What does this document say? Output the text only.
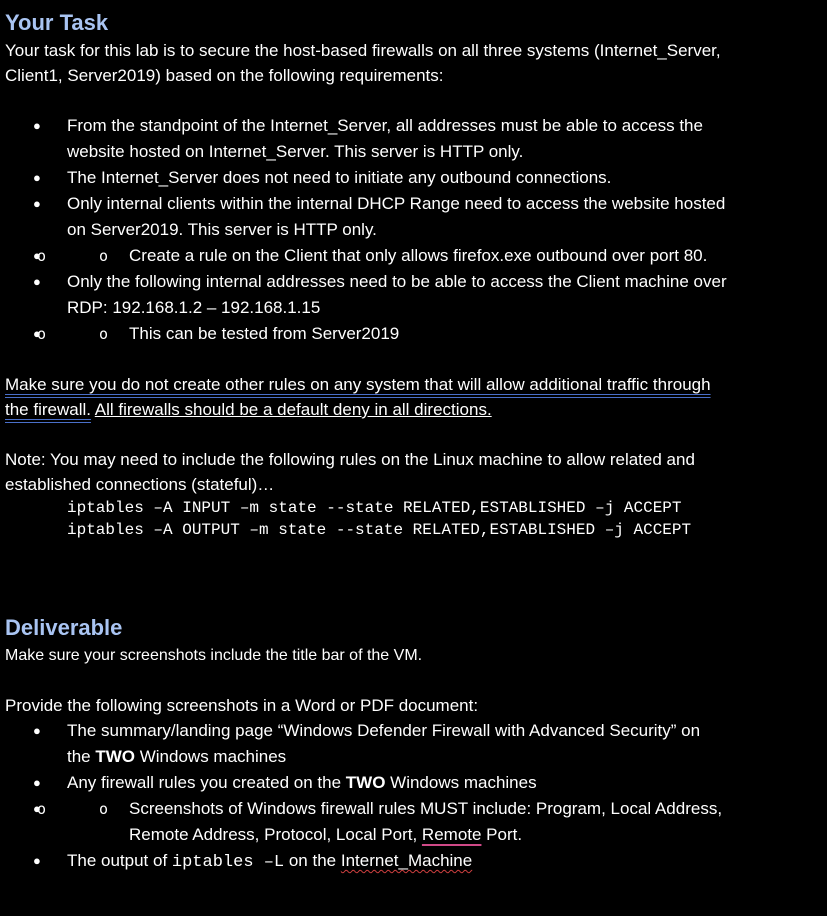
Your Task

Your task for this lab is to secure the host-based firewalls on all three systems (Internet_Server,

Client1, Server2019) based on the following requirements:

● From the standpoint of the Internet_Server, all addresses must be able to access the
website hosted on Internet_Server. This server is HTTP only.
● The Internet_Server does not need to initiate any outbound connections.
● Only internal clients within the internal DHCP Range need to access the website hosted
on Server2019. This server is HTTP only.
o ● o Create a rule on the Client that only allows firefox.exe outbound over port 80.
● Only the following internal addresses need to be able to access the Client machine over
RDP: 192.168.1.2 – 192.168.1.15
o ● o This can be tested from Server2019

Make sure you do not create other rules on any system that will allow additional traffic through
the firewall. All firewalls should be a default deny in all directions.

Note: You may need to include the following rules on the Linux machine to allow related and

established connections (stateful)…

iptables –A INPUT –m state --state RELATED,ESTABLISHED –j ACCEPT
iptables –A OUTPUT –m state --state RELATED,ESTABLISHED –j ACCEPT
Deliverable

Make sure your screenshots include the title bar of the VM.

Provide the following screenshots in a Word or PDF document:

● The summary/landing page “Windows Defender Firewall with Advanced Security” on
the TWO Windows machines
● Any firewall rules you created on the TWO Windows machines
o ● o Screenshots of Windows firewall rules MUST include: Program, Local Address,
Remote Address, Protocol, Local Port, Remote Port.
● The output of iptables –L on the Internet_Machine
